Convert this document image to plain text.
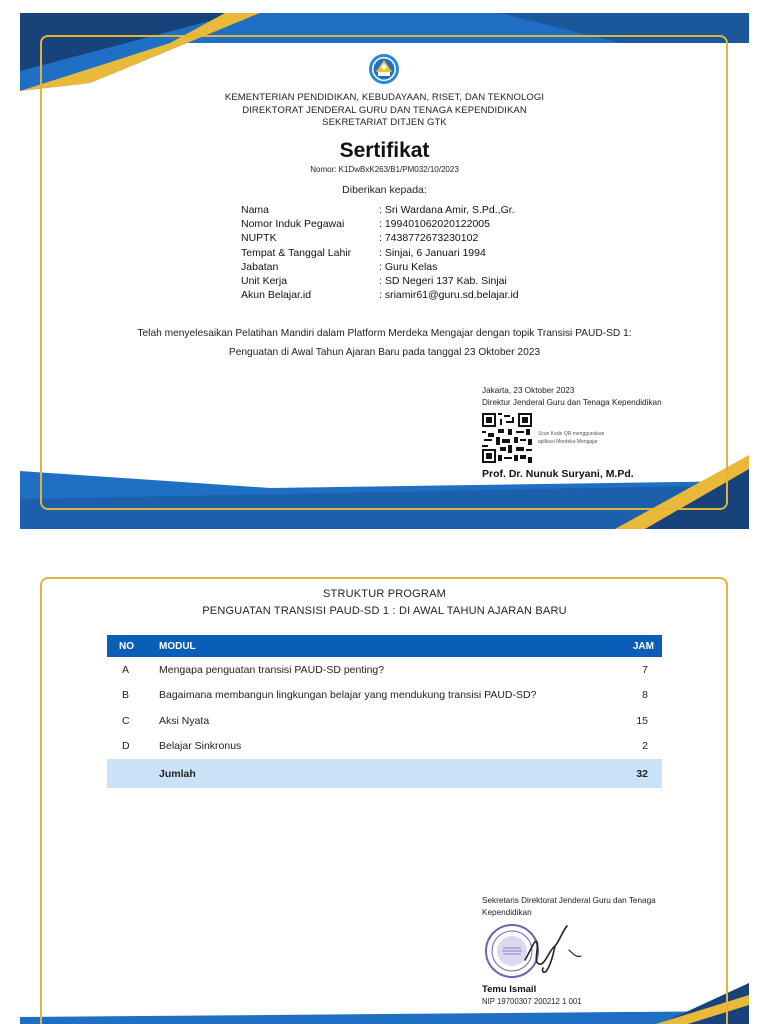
KEMENTERIAN PENDIDIKAN, KEBUDAYAAN, RISET, DAN TEKNOLOGI
DIREKTORAT JENDERAL GURU DAN TENAGA KEPENDIDIKAN
SEKRETARIAT DITJEN GTK
Sertifikat
Nomor: K1DwBxK263/B1/PM032/10/2023
Diberikan kepada:
Nama	: Sri Wardana Amir, S.Pd.,Gr.
Nomor Induk Pegawai	: 199401062020122005
NUPTK	: 7438772673230102
Tempat & Tanggal Lahir	: Sinjai, 6 Januari 1994
Jabatan	: Guru Kelas
Unit Kerja	: SD Negeri 137 Kab. Sinjai
Akun Belajar.id	: sriamir61@guru.sd.belajar.id
Telah menyelesaikan Pelatihan Mandiri dalam Platform Merdeka Mengajar dengan topik Transisi PAUD-SD 1:
Penguatan di Awal Tahun Ajaran Baru pada tanggal 23 Oktober 2023
Jakarta, 23 Oktober 2023
Direktur Jenderal Guru dan Tenaga Kependidikan
Scan Kode QR menggunakan
aplikasi Merdeka Mengajar
Prof. Dr. Nunuk Suryani, M.Pd.
STRUKTUR PROGRAM
PENGUATAN TRANSISI PAUD-SD 1 : DI AWAL TAHUN AJARAN BARU
NO	MODUL	JAM
A	Mengapa penguatan transisi PAUD-SD penting?	7
B	Bagaimana membangun lingkungan belajar yang mendukung transisi PAUD-SD?	8
C	Aksi Nyata	15
D	Belajar Sinkronus	2
	Jumlah	32
Sekretaris Direktorat Jenderal Guru dan Tenaga
Kependidikan
Temu Ismail
NIP 19700307 200212 1 001
